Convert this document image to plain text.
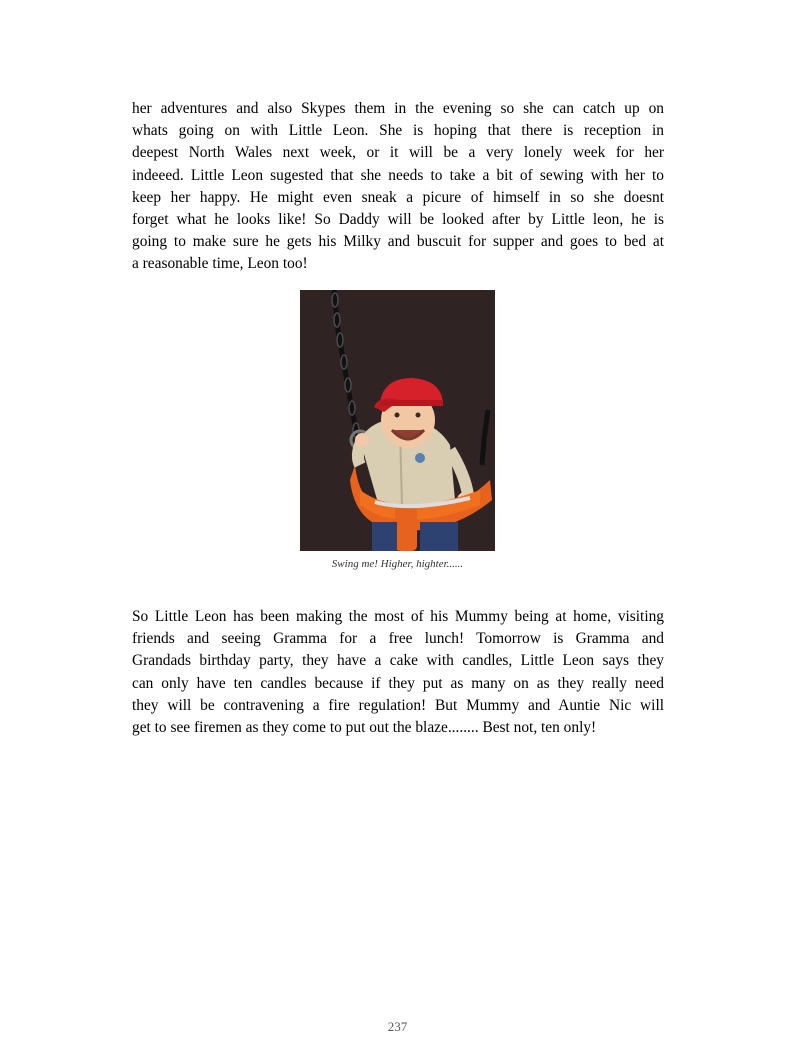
her adventures and also Skypes them in the evening so she can catch up on
whats going on with Little Leon. She is hoping that there is reception in
deepest North Wales next week, or it will be a very lonely week for her
indeeed. Little Leon sugested that she needs to take a bit of sewing with her to
keep her happy. He might even sneak a picure of himself in so she doesnt
forget what he looks like! So Daddy will be looked after by Little leon, he is
going to make sure he gets his Milky and buscuit for supper and goes to bed at
a reasonable time, Leon too!

Swing me! Higher, highter......

So Little Leon has been making the most of his Mummy being at home, visiting
friends and seeing Gramma for a free lunch! Tomorrow is Gramma and
Grandads birthday party, they have a cake with candles, Little Leon says they
can only have ten candles because if they put as many on as they really need
they will be contravening a fire regulation! But Mummy and Auntie Nic will
get to see firemen as they come to put out the blaze........ Best not, ten only!

237
